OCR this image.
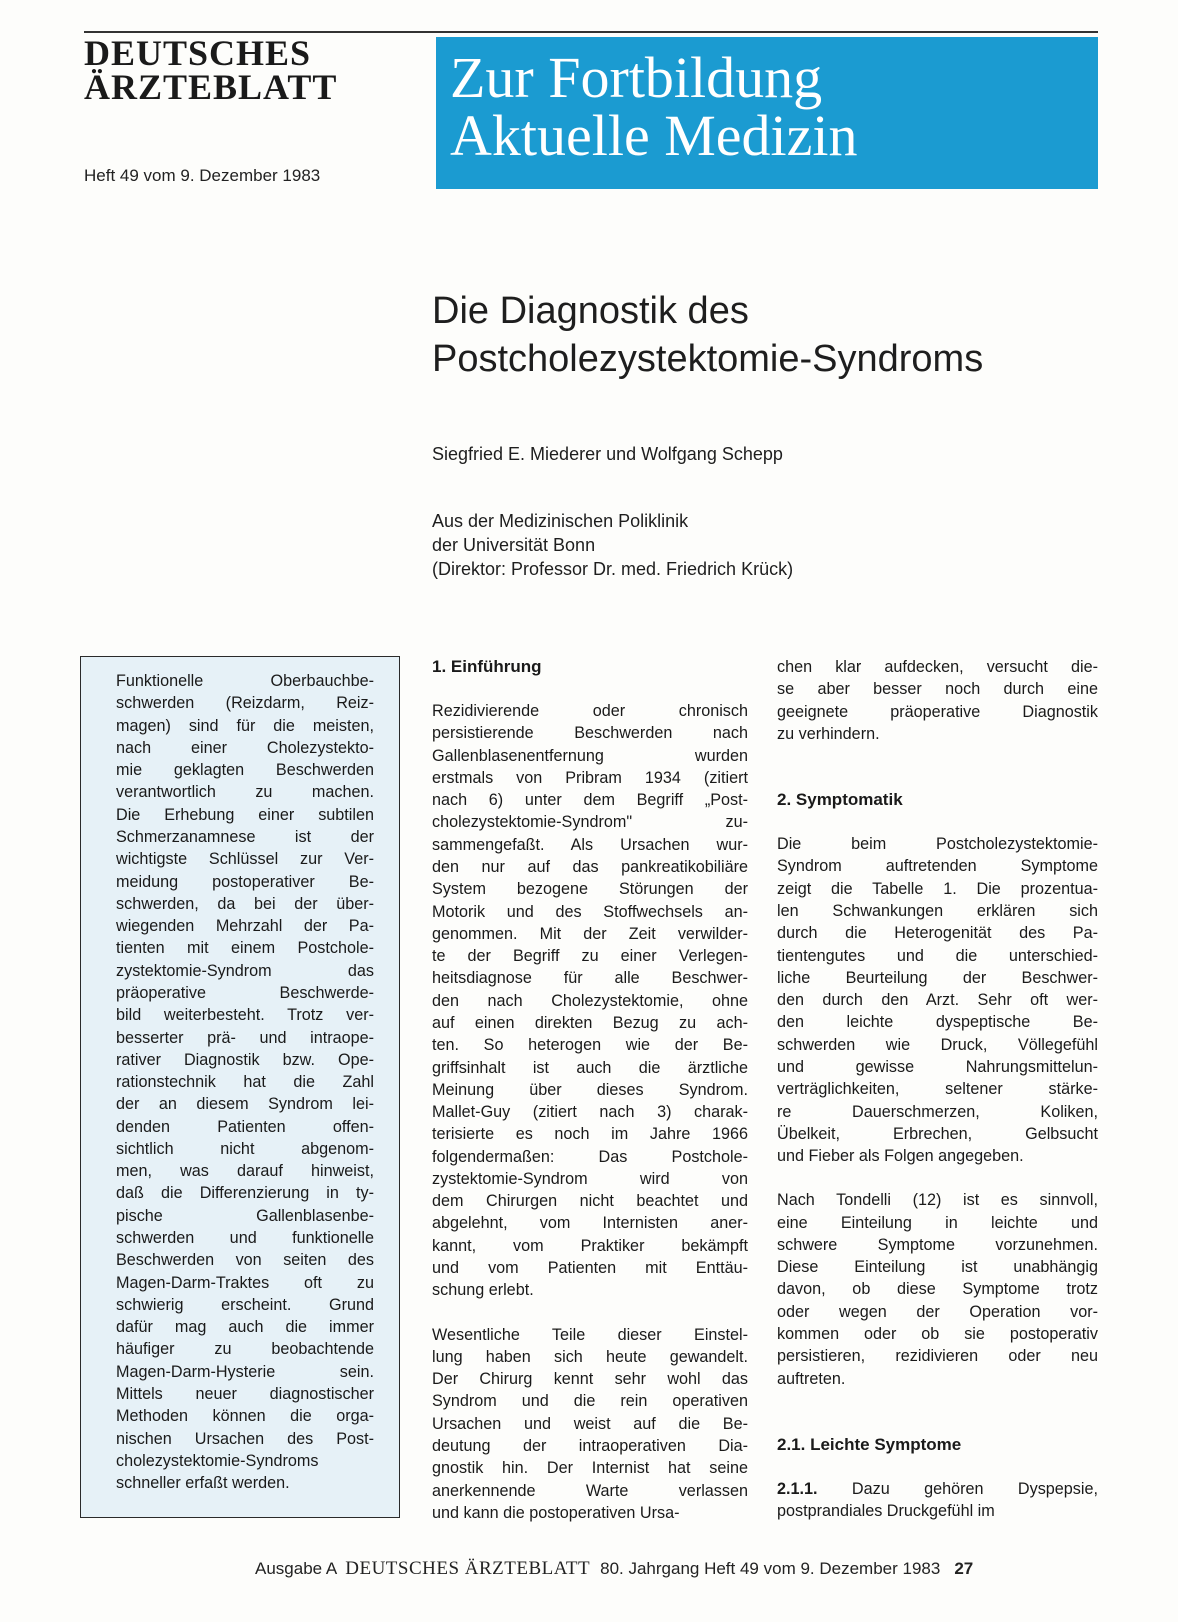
DEUTSCHES
ÄRZTEBLATT
Heft 49 vom 9. Dezember 1983
Zur Fortbildung
Aktuelle Medizin
Die Diagnostik des
Postcholezystektomie-Syndroms
Siegfried E. Miederer und Wolfgang Schepp
Aus der Medizinischen Poliklinik
der Universität Bonn
(Direktor: Professor Dr. med. Friedrich Krück)
Funktionelle Oberbauchbe-
schwerden (Reizdarm, Reiz-
magen) sind für die meisten,
nach einer Cholezystekto-
mie geklagten Beschwerden
verantwortlich zu machen.
Die Erhebung einer subtilen
Schmerzanamnese ist der
wichtigste Schlüssel zur Ver-
meidung postoperativer Be-
schwerden, da bei der über-
wiegenden Mehrzahl der Pa-
tienten mit einem Postchole-
zystektomie-Syndrom das
präoperative Beschwerde-
bild weiterbesteht. Trotz ver-
besserter prä- und intraope-
rativer Diagnostik bzw. Ope-
rationstechnik hat die Zahl
der an diesem Syndrom lei-
denden Patienten offen-
sichtlich nicht abgenom-
men, was darauf hinweist,
daß die Differenzierung in ty-
pische Gallenblasenbe-
schwerden und funktionelle
Beschwerden von seiten des
Magen-Darm-Traktes oft zu
schwierig erscheint. Grund
dafür mag auch die immer
häufiger zu beobachtende
Magen-Darm-Hysterie sein.
Mittels neuer diagnostischer
Methoden können die orga-
nischen Ursachen des Post-
cholezystektomie-Syndroms
schneller erfaßt werden.
1. Einführung
Rezidivierende oder chronisch
persistierende Beschwerden nach
Gallenblasenentfernung wurden
erstmals von Pribram 1934 (zitiert
nach 6) unter dem Begriff „Post-
cholezystektomie-Syndrom" zu-
sammengefaßt. Als Ursachen wur-
den nur auf das pankreatikobiliäre
System bezogene Störungen der
Motorik und des Stoffwechsels an-
genommen. Mit der Zeit verwilder-
te der Begriff zu einer Verlegen-
heitsdiagnose für alle Beschwer-
den nach Cholezystektomie, ohne
auf einen direkten Bezug zu ach-
ten. So heterogen wie der Be-
griffsinhalt ist auch die ärztliche
Meinung über dieses Syndrom.
Mallet-Guy (zitiert nach 3) charak-
terisierte es noch im Jahre 1966
folgendermaßen: Das Postchole-
zystektomie-Syndrom wird von
dem Chirurgen nicht beachtet und
abgelehnt, vom Internisten aner-
kannt, vom Praktiker bekämpft
und vom Patienten mit Enttäu-
schung erlebt.
Wesentliche Teile dieser Einstel-
lung haben sich heute gewandelt.
Der Chirurg kennt sehr wohl das
Syndrom und die rein operativen
Ursachen und weist auf die Be-
deutung der intraoperativen Dia-
gnostik hin. Der Internist hat seine
anerkennende Warte verlassen
und kann die postoperativen Ursa-
chen klar aufdecken, versucht die-
se aber besser noch durch eine
geeignete präoperative Diagnostik
zu verhindern.
2. Symptomatik
Die beim Postcholezystektomie-
Syndrom auftretenden Symptome
zeigt die Tabelle 1. Die prozentua-
len Schwankungen erklären sich
durch die Heterogenität des Pa-
tientengutes und die unterschied-
liche Beurteilung der Beschwer-
den durch den Arzt. Sehr oft wer-
den leichte dyspeptische Be-
schwerden wie Druck, Völlegefühl
und gewisse Nahrungsmittelun-
verträglichkeiten, seltener stärke-
re Dauerschmerzen, Koliken,
Übelkeit, Erbrechen, Gelbsucht
und Fieber als Folgen angegeben.
Nach Tondelli (12) ist es sinnvoll,
eine Einteilung in leichte und
schwere Symptome vorzunehmen.
Diese Einteilung ist unabhängig
davon, ob diese Symptome trotz
oder wegen der Operation vor-
kommen oder ob sie postoperativ
persistieren, rezidivieren oder neu
auftreten.
2.1. Leichte Symptome
2.1.1. Dazu gehören Dyspepsie,
postprandiales Druckgefühl im
Ausgabe A DEUTSCHES ÄRZTEBLATT 80. Jahrgang Heft 49 vom 9. Dezember 1983 27
